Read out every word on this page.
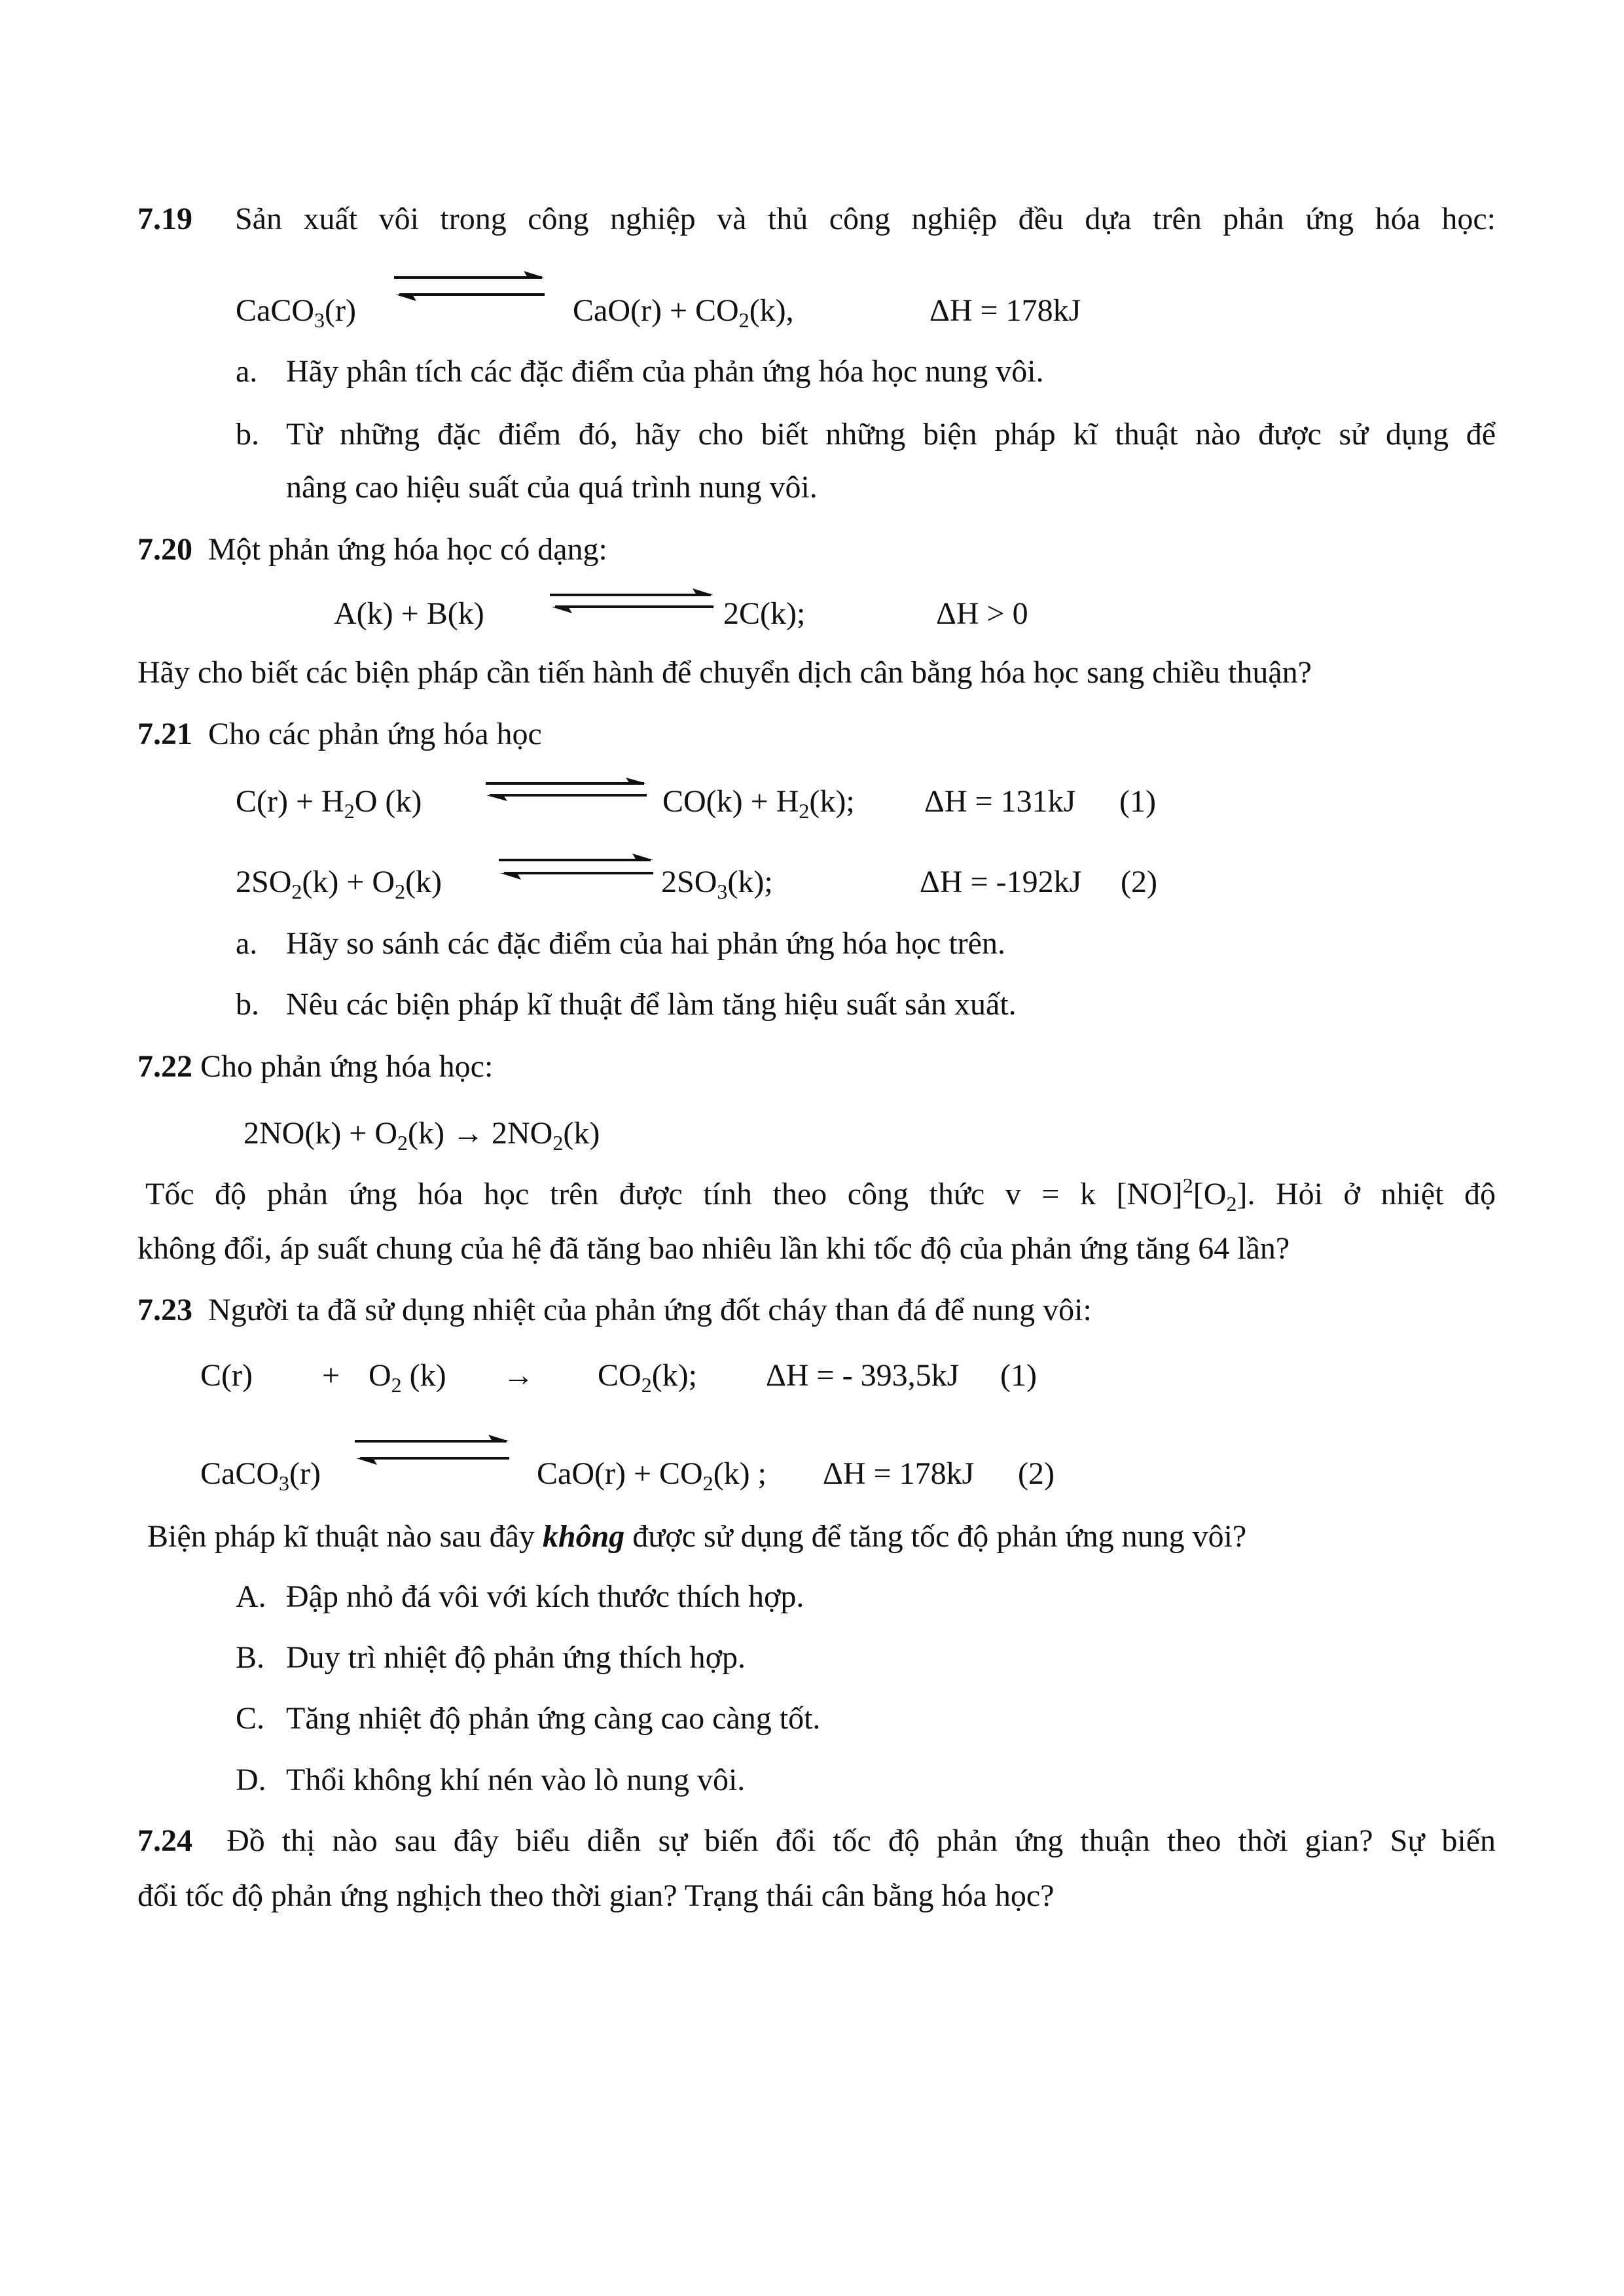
7.19 Sản xuất vôi trong công nghiệp và thủ công nghiệp đều dựa trên phản ứng hóa học:
CaCO$_3$(r)	$CaO(r) + CO_2(k)$,	ΔH = 178kJ
a. Hãy phân tích các đặc điểm của phản ứng hóa học nung vôi.
b. Từ những đặc điểm đó, hãy cho biết những biện pháp kĩ thuật nào được sử dụng để
nâng cao hiệu suất của quá trình nung vôi.
7.20 Một phản ứng hóa học có dạng:
A(k) + B(k)	2C(k);	ΔH > 0
Hãy cho biết các biện pháp cần tiến hành để chuyển dịch cân bằng hóa học sang chiều thuận?
7.21 Cho các phản ứng hóa học
$C(r) + H_2O$ (k)	$CO(k) + H_2(k)$; ΔH = 131kJ (1)
$2SO_2(k) + O_2(k)$	$2SO_3(k)$;	ΔH = -192kJ (2)
a. Hãy so sánh các đặc điểm của hai phản ứng hóa học trên.
b. Nêu các biện pháp kĩ thuật để làm tăng hiệu suất sản xuất.
7.22 Cho phản ứng hóa học:
$2NO(k) + O_2(k) \to 2NO_2(k)$
Tốc độ phản ứng hóa học trên được tính theo công thức v = k $[NO]^2[O_2]$. Hỏi ở nhiệt độ
không đổi, áp suất chung của hệ đã tăng bao nhiêu lần khi tốc độ của phản ứng tăng 64 lần?
7.23 Người ta đã sử dụng nhiệt của phản ứng đốt cháy than đá để nung vôi:
$C(r) + O_2$ $(k) \to CO_2(k)$; ΔH = - 393,5kJ (1)
CaCO$_3$(r)	$CaO(r) + CO_2(k)$ ; ΔH = 178kJ (2)
Biện pháp kĩ thuật nào sau đây không được sử dụng để tăng tốc độ phản ứng nung vôi?
A. Đập nhỏ đá vôi với kích thước thích hợp.
B. Duy trì nhiệt độ phản ứng thích hợp.
C. Tăng nhiệt độ phản ứng càng cao càng tốt.
D. Thổi không khí nén vào lò nung vôi.
7.24 Đồ thị nào sau đây biểu diễn sự biến đổi tốc độ phản ứng thuận theo thời gian? Sự biến
đổi tốc độ phản ứng nghịch theo thời gian? Trạng thái cân bằng hóa học?
